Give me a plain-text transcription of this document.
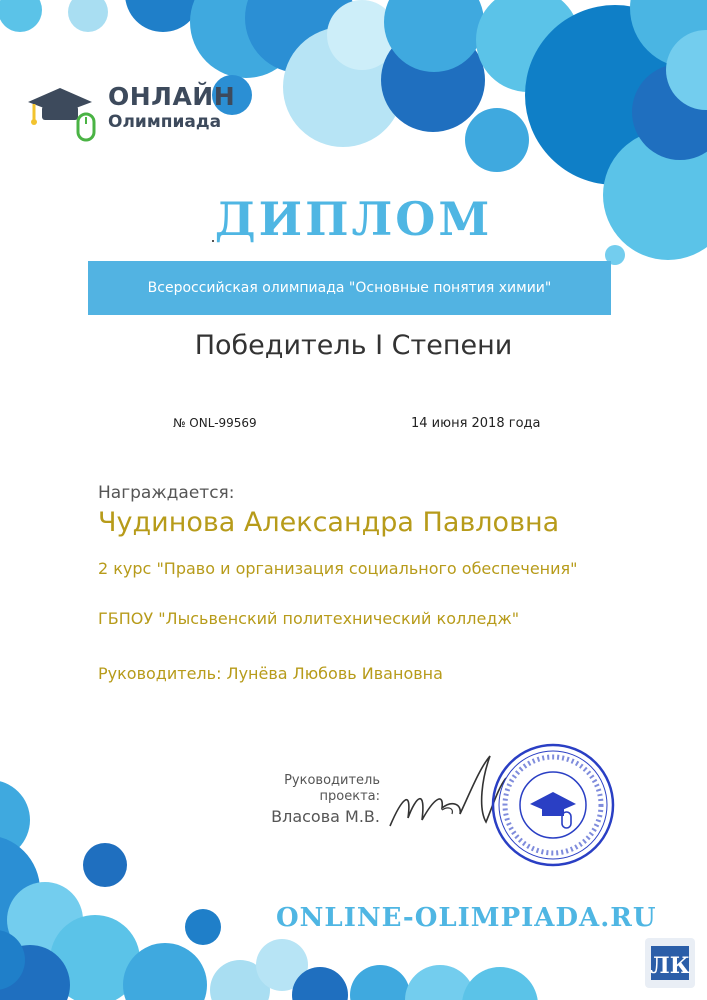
ОНЛАЙН
Олимпиада
ДИПЛОМ
Всероссийская олимпиада "Основные понятия химии"
Победитель I Степени
№ ONL-99569	14 июня 2018 года
Награждается:
Чудинова Александра Павловна
2 курс "Право и организация социального обеспечения"
ГБПОУ "Лысьвенский политехнический колледж"
Руководитель: Лунёва Любовь Ивановна
Руководитель
проекта:
Власова М.В.
ONLINE-OLIMPIADA.RU
ЛК
